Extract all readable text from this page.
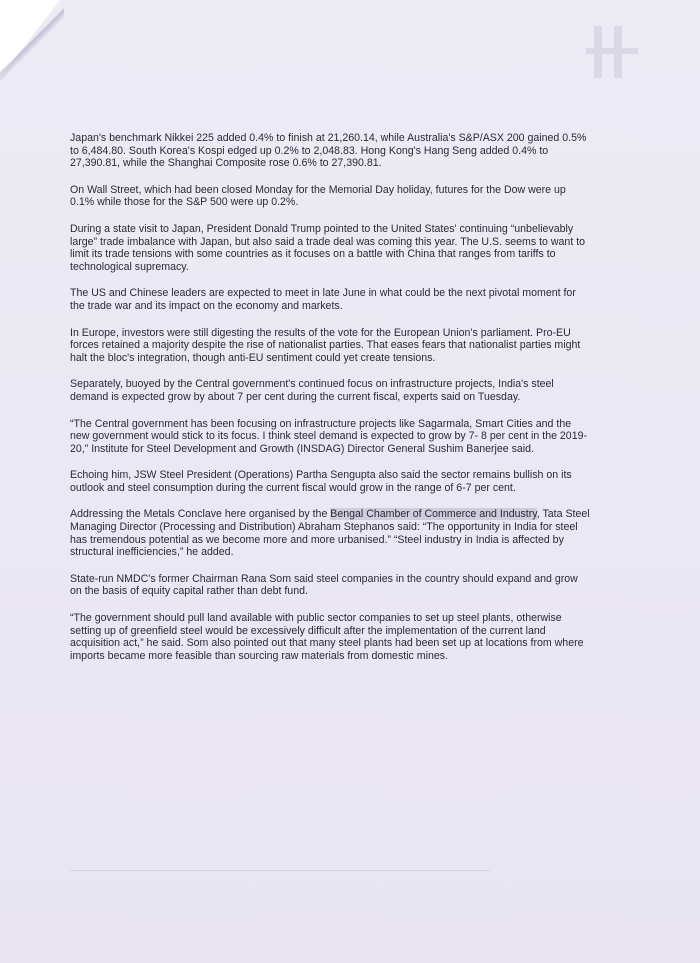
Japan's benchmark Nikkei 225 added 0.4% to finish at 21,260.14, while Australia's S&P/ASX 200 gained 0.5% to 6,484.80. South Korea's Kospi edged up 0.2% to 2,048.83. Hong Kong's Hang Seng added 0.4% to 27,390.81, while the Shanghai Composite rose 0.6% to 27,390.81.

On Wall Street, which had been closed Monday for the Memorial Day holiday, futures for the Dow were up 0.1% while those for the S&P 500 were up 0.2%.

During a state visit to Japan, President Donald Trump pointed to the United States' continuing “unbelievably large” trade imbalance with Japan, but also said a trade deal was coming this year. The U.S. seems to want to limit its trade tensions with some countries as it focuses on a battle with China that ranges from tariffs to technological supremacy.

The US and Chinese leaders are expected to meet in late June in what could be the next pivotal moment for the trade war and its impact on the economy and markets.

In Europe, investors were still digesting the results of the vote for the European Union's parliament. Pro-EU forces retained a majority despite the rise of nationalist parties. That eases fears that nationalist parties might halt the bloc's integration, though anti-EU sentiment could yet create tensions.

Separately, buoyed by the Central government's continued focus on infrastructure projects, India's steel demand is expected grow by about 7 per cent during the current fiscal, experts said on Tuesday.

“The Central government has been focusing on infrastructure projects like Sagarmala, Smart Cities and the new government would stick to its focus. I think steel demand is expected to grow by 7- 8 per cent in the 2019-20,” Institute for Steel Development and Growth (INSDAG) Director General Sushim Banerjee said.

Echoing him, JSW Steel President (Operations) Partha Sengupta also said the sector remains bullish on its outlook and steel consumption during the current fiscal would grow in the range of 6-7 per cent.

Addressing the Metals Conclave here organised by the Bengal Chamber of Commerce and Industry, Tata Steel Managing Director (Processing and Distribution) Abraham Stephanos said: “The opportunity in India for steel has tremendous potential as we become more and more urbanised.” “Steel industry in India is affected by structural inefficiencies,” he added.

State-run NMDC's former Chairman Rana Som said steel companies in the country should expand and grow on the basis of equity capital rather than debt fund.

“The government should pull land available with public sector companies to set up steel plants, otherwise setting up of greenfield steel would be excessively difficult after the implementation of the current land acquisition act,” he said. Som also pointed out that many steel plants had been set up at locations from where imports became more feasible than sourcing raw materials from domestic mines.
